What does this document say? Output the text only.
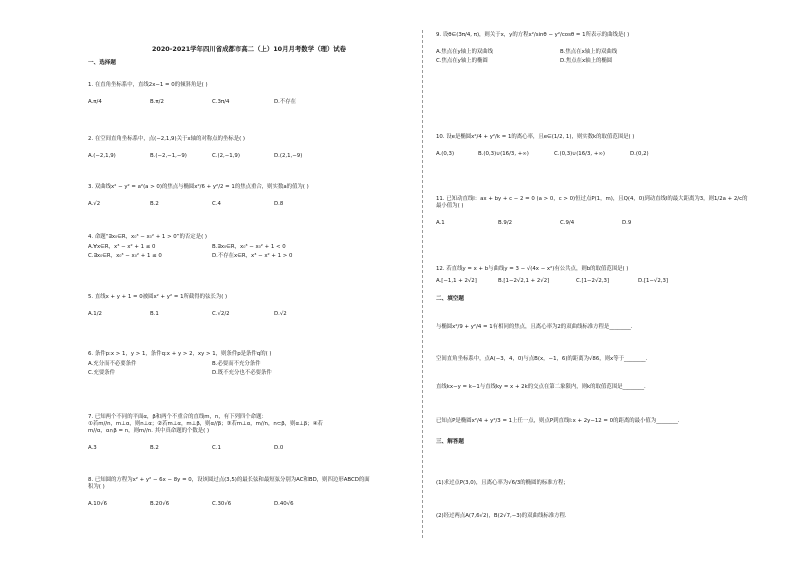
2020-2021学年四川省成都市高二（上）10月月考数学（理）试卷
一、选择题
1. 在直角坐标系中，直线2x−1 = 0的倾斜角是( )
A.π/4	B.π/2	C.3π/4	D.不存在
2. 在空间直角坐标系中，点(−2,1,9)关于x轴的对称点的坐标是( )
A.(−2,1,9)	B.(−2,−1,−9)	C.(2,−1,9)	D.(2,1,−9)
3. 双曲线x² − y² = a²(a > 0)的焦点与椭圆x²/6 + y²/2 = 1的焦点重合，则实数a的值为( )
A.√2	B.2	C.4	D.8
4. 命题“∃x₀∈R，x₀³ − x₀² + 1 > 0”的否定是( )
A.∀x∈R，x³ − x² + 1 ≤ 0	B.∃x₀∈R，x₀³ − x₀² + 1 < 0
C.∃x₀∈R，x₀³ − x₀² + 1 ≤ 0	D.不存在x∈R，x³ − x² + 1 > 0
5. 直线x + y + 1 = 0被圆x² + y² = 1所截得的弦长为( )
A.1/2	B.1	C.√2/2	D.√2
6. 条件p:x > 1，y > 1，条件q:x + y > 2，xy > 1，则条件p是条件q的( )
A.充分而不必要条件	B.必要而不充分条件
C.充要条件	D.既不充分也不必要条件
7. 已知两个不同的平面α，β和两个不重合的直线m，n，有下列四个命题：
①若m//n，m⊥α，则n⊥α；②若m⊥α，m⊥β，则α//β；③若m⊥α，m//n，n⊂β，则α⊥β；④若
m//α，α∩β = n，则m//n. 其中真命题的个数是( )
A.3	B.2	C.1	D.0
8. 已知圆的方程为x² + y² − 6x − 8y = 0，设该圆过点(3,5)的最长弦和最短弦分别为AC和BD，则四边形ABCD的面
积为( )
A.10√6	B.20√6	C.30√6	D.40√6
9. 设θ∈(3π/4, π)，则关于x，y的方程x²/sinθ − y²/cosθ = 1所表示的曲线是( )
A.焦点在y轴上的双曲线	B.焦点在x轴上的双曲线
C.焦点在y轴上的椭圆	D.焦点在x轴上的椭圆
10. 设e是椭圆x²/4 + y²/k = 1的离心率，且e∈(1/2, 1)，则实数k的取值范围是( )
A.(0,3)	B.(0,3)∪(16/3, +∞)	C.(0,3)∪(16/3, +∞)	D.(0,2)
11. 已知动直线l：ax + by + c − 2 = 0 (a > 0，c > 0)恒过点P(1，m)，且Q(4，0)到动直线l的最大距离为3，则1/2a + 2/c的
最小值为( )
A.1	B.9/2	C.9/4	D.9
12. 若直线y = x + b与曲线y = 3 − √(4x − x²)有公共点，则b的取值范围是( )
A.[−1,1 + 2√2]	B.[1−2√2,1 + 2√2]	C.[1−2√2,3]	D.[1−√2,3]
二、填空题
与椭圆x²/9 + y²/4 = 1有相同的焦点，且离心率为2的双曲线标准方程是________.
空间直角坐标系中，点A(−3，4，0)与点B(x，−1，6)的距离为√86，则x等于________.
直线kx−y = k−1与直线ky = x + 2k的交点在第二象限内，则k的取值范围是________.
已知点P是椭圆x²/4 + y²/3 = 1上任一点，则点P到直线l:x + 2y−12 = 0的距离的最小值为________.
三、解答题
(1)求过点P(3,0)，且离心率为√6/3的椭圆的标准方程；
(2)经过两点A(7,6√2)，B(2√7,−3)的双曲线标准方程.
